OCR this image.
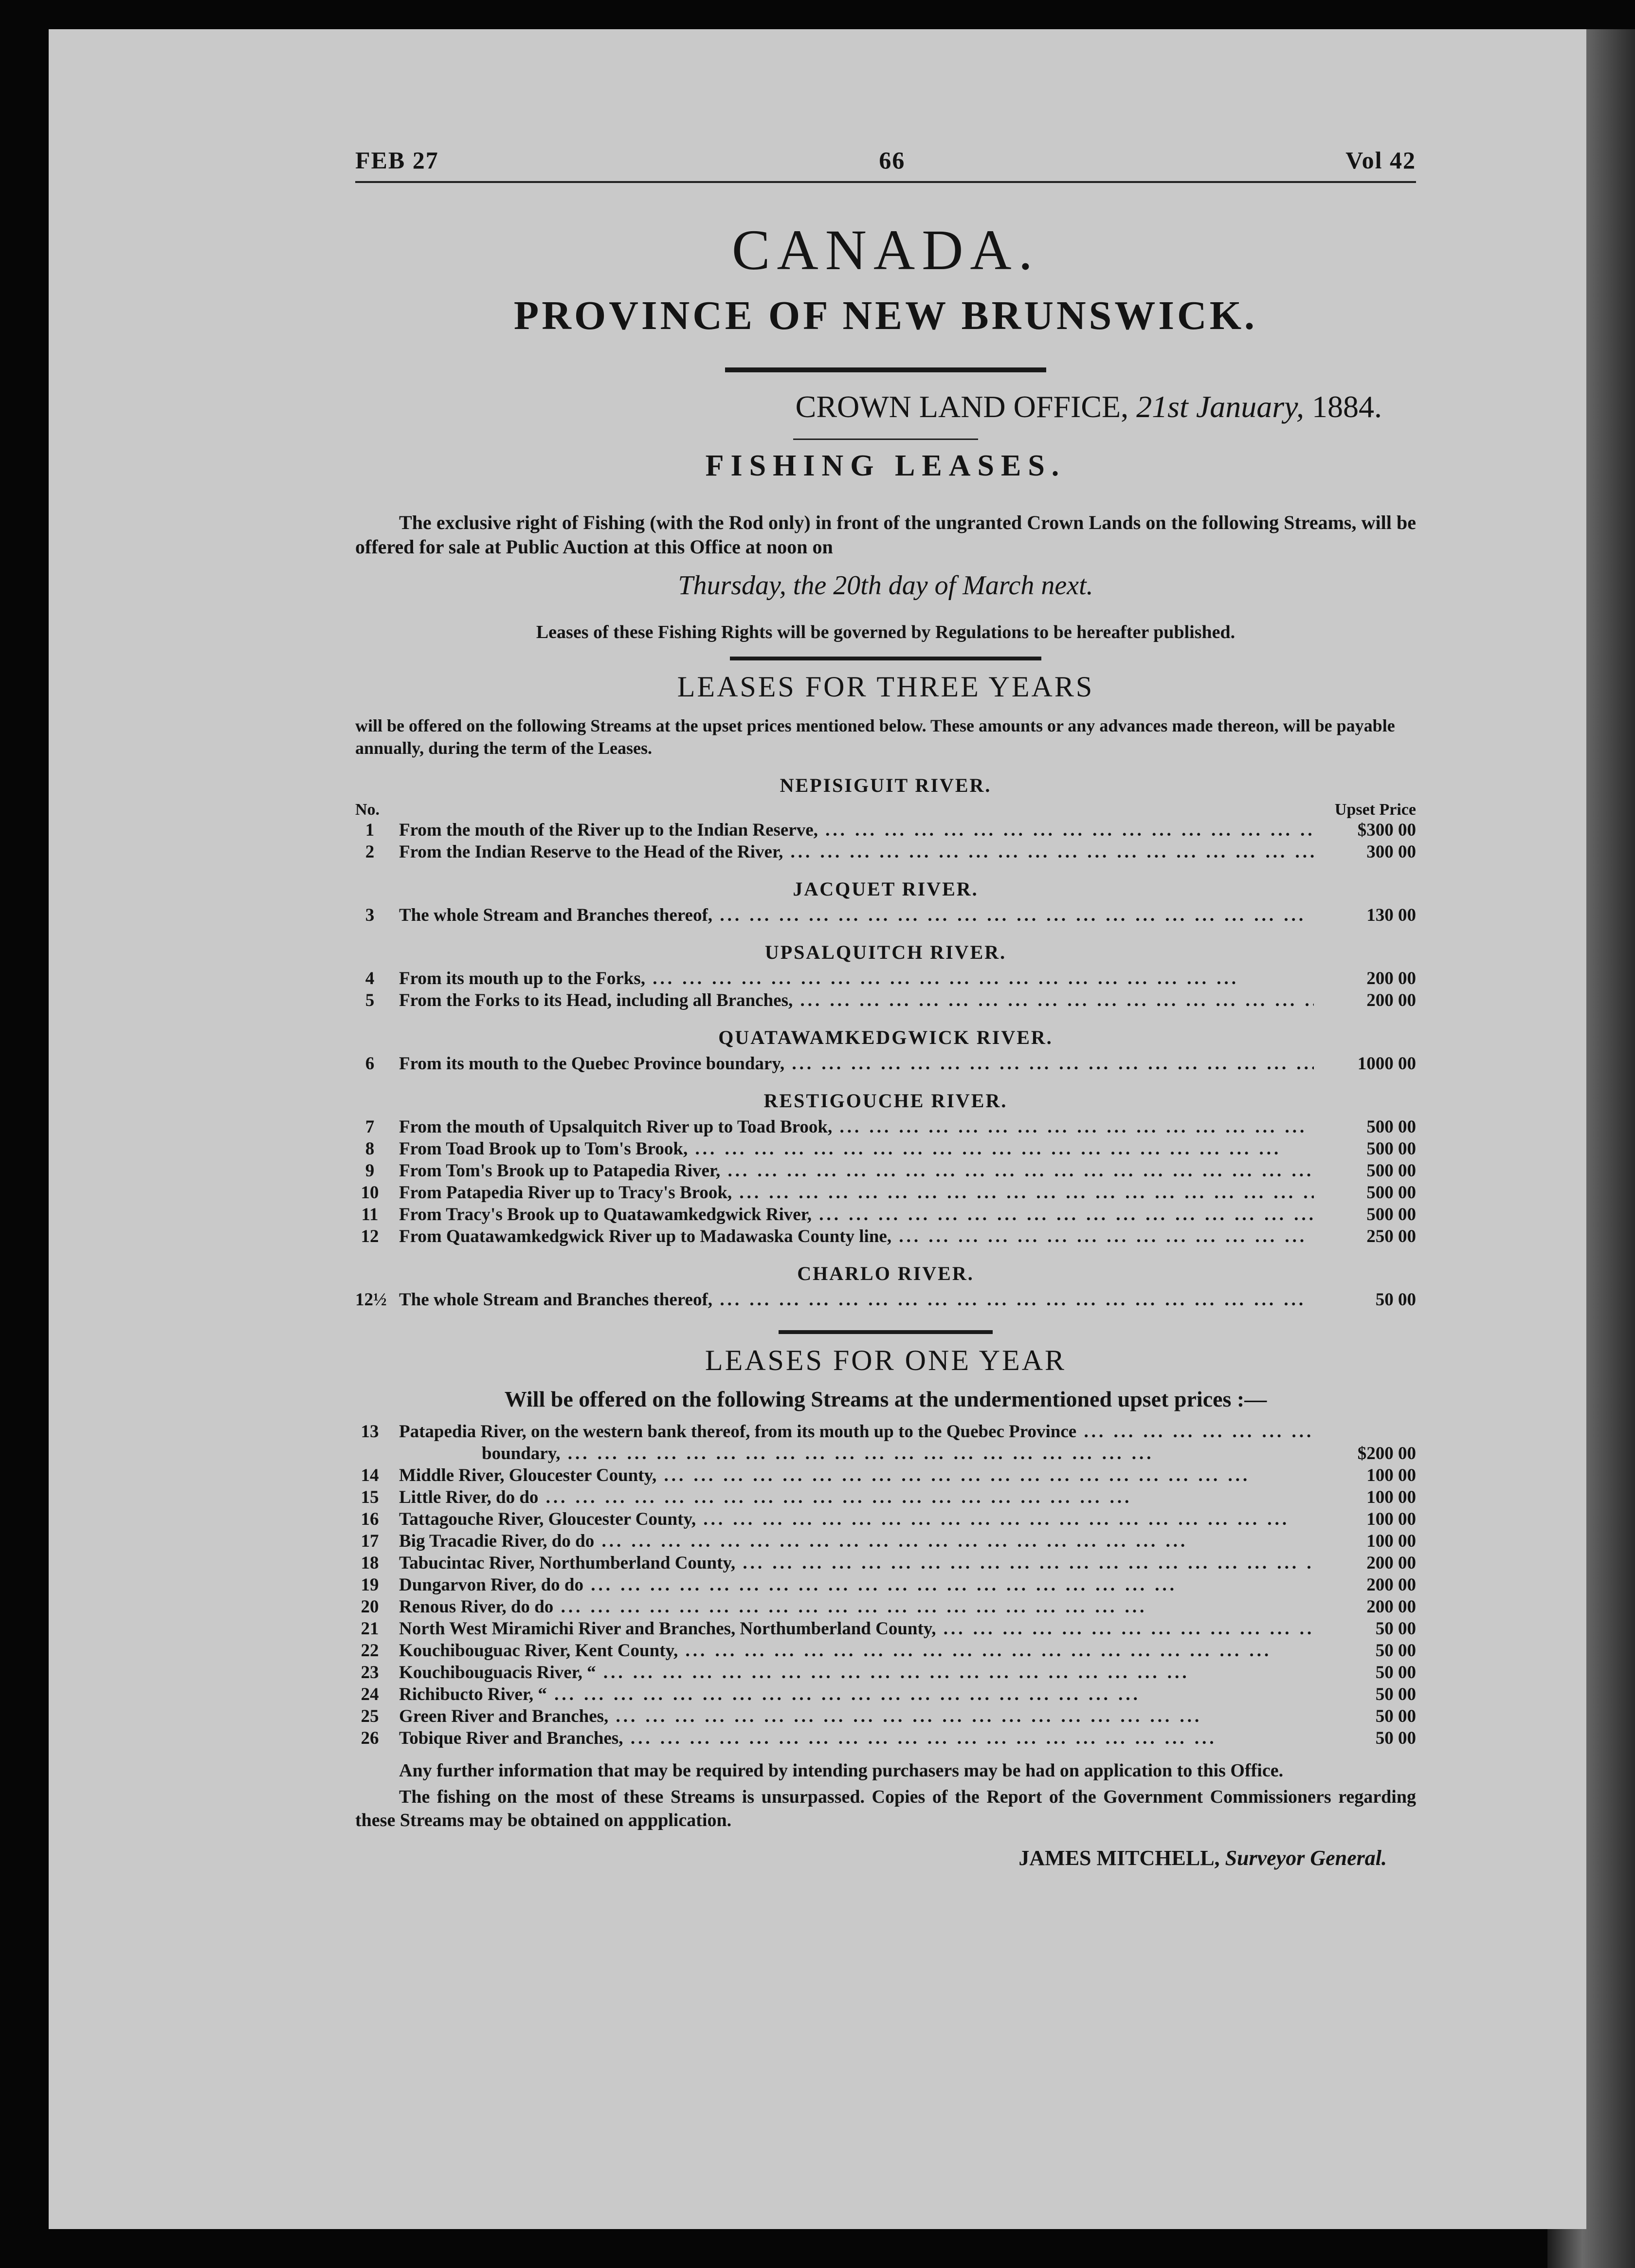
FEB 27	66	Vol 42
CANADA.
PROVINCE OF NEW BRUNSWICK.
CROWN LAND OFFICE, 21st January, 1884.
FISHING LEASES.
The exclusive right of Fishing (with the Rod only) in front of the ungranted Crown Lands on the following Streams, will be offered for sale at Public Auction at this Office at noon on
Thursday, the 20th day of March next.
Leases of these Fishing Rights will be governed by Regulations to be hereafter published.
LEASES FOR THREE YEARS
will be offered on the following Streams at the upset prices mentioned below. These amounts or any advances made thereon, will be payable annually, during the term of the Leases.
NEPISIGUIT RIVER.
No.	Upset Price
1	From the mouth of the River up to the Indian Reserve, ... .	$300 00
2	From the Indian Reserve to the Head of the River, ... .	300 00
JACQUET RIVER.
3	The whole Stream and Branches thereof, ... .	130 00
UPSALQUITCH RIVER.
4	From its mouth up to the Forks, ... .	200 00
5	From the Forks to its Head, including all Branches, ... .	200 00
QUATAWAMKEDGWICK RIVER.
6	From its mouth to the Quebec Province boundary, ... .	1000 00
RESTIGOUCHE RIVER.
7	From the mouth of Upsalquitch River up to Toad Brook, ... .	500 00
8	From Toad Brook up to Tom's Brook, ... .	500 00
9	From Tom's Brook up to Patapedia River, ... .	500 00
10	From Patapedia River up to Tracy's Brook, ... .	500 00
11	From Tracy's Brook up to Quatawamkedgwick River, ... .	500 00
12	From Quatawamkedgwick River up to Madawaska County line, ... .	250 00
CHARLO RIVER.
12½ The whole Stream and Branches thereof, ... .	50 00
LEASES FOR ONE YEAR
Will be offered on the following Streams at the undermentioned upset prices :—
13	Patapedia River, on the western bank thereof, from its mouth up to the Quebec Province ... .
boundary, ... .	$200 00
14	Middle River, Gloucester County, ... .	100 00
15	Little River, do do ... .	100 00
16	Tattagouche River, Gloucester County, ... .	100 00
17	Big Tracadie River, do do ... .	100 00
18	Tabucintac River, Northumberland County, ... .	200 00
19	Dungarvon River, do do ... .	200 00
20	Renous River, do do ... .	200 00
21	North West Miramichi River and Branches, Northumberland County, ... .	50 00
22	Kouchibouguac River, Kent County, ... .	50 00
23	Kouchibouguacis River, “ ... .	50 00
24	Richibucto River, “ ... .	50 00
25	Green River and Branches, ... .	50 00
26	Tobique River and Branches, ... .	50 00
Any further information that may be required by intending purchasers may be had on application to this Office.
The fishing on the most of these Streams is unsurpassed. Copies of the Report of the Government Commissioners regarding these Streams may be obtained on appplication.
JAMES MITCHELL, Surveyor General.
